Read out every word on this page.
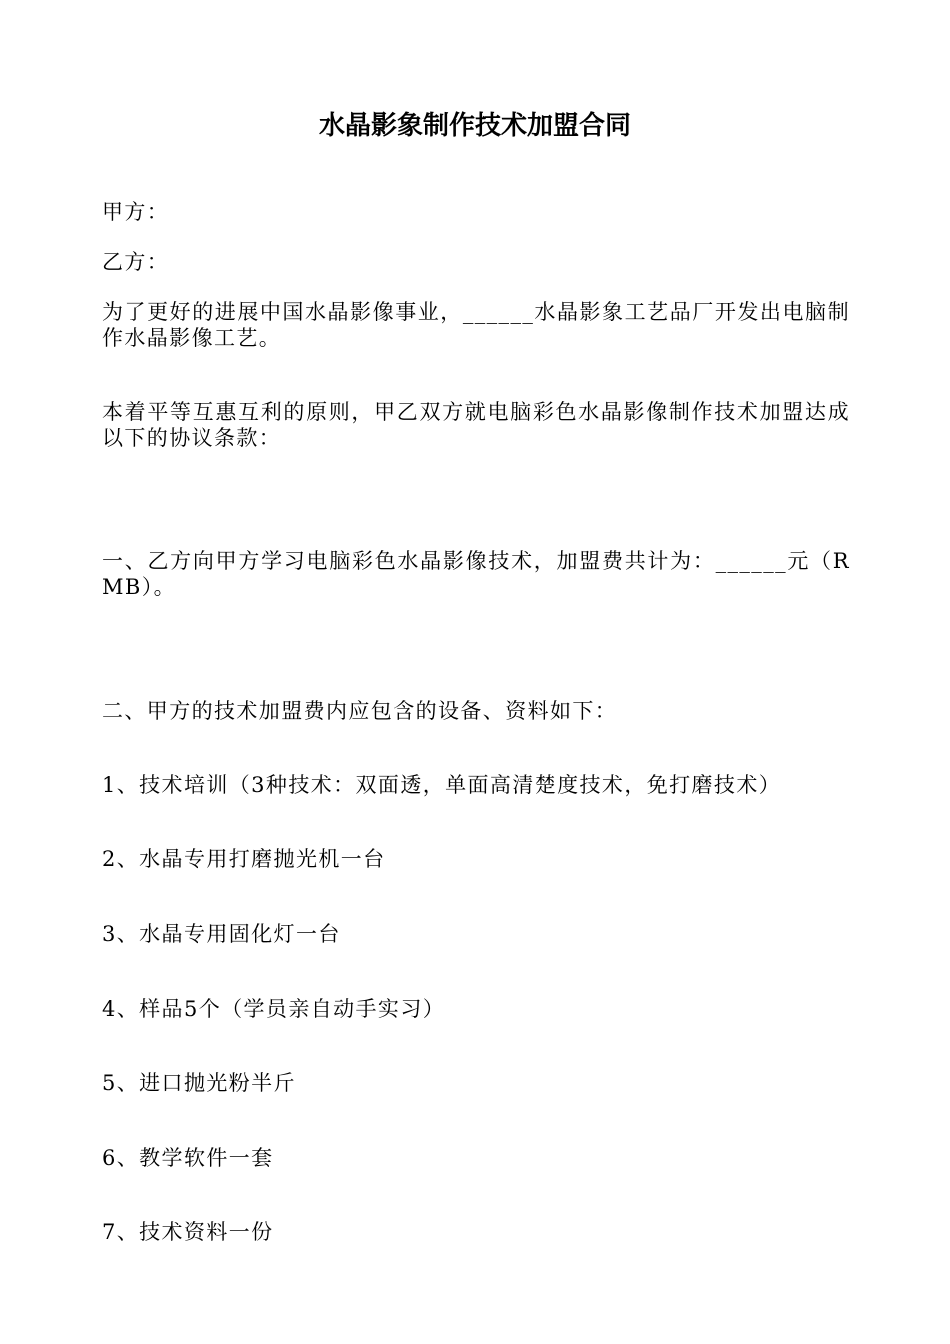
水晶影象制作技术加盟合同
甲方：
乙方：
为了更好的进展中国水晶影像事业，______水晶影象工艺品厂开发出电脑制作水晶影像工艺。
本着平等互惠互利的原则，甲乙双方就电脑彩色水晶影像制作技术加盟达成以下的协议条款：
一、乙方向甲方学习电脑彩色水晶影像技术，加盟费共计为：______元（RMB）。
二、甲方的技术加盟费内应包含的设备、资料如下：
1、技术培训（3种技术：双面透，单面高清楚度技术，免打磨技术）
2、水晶专用打磨抛光机一台
3、水晶专用固化灯一台
4、样品5个（学员亲自动手实习）
5、进口抛光粉半斤
6、教学软件一套
7、技术资料一份
